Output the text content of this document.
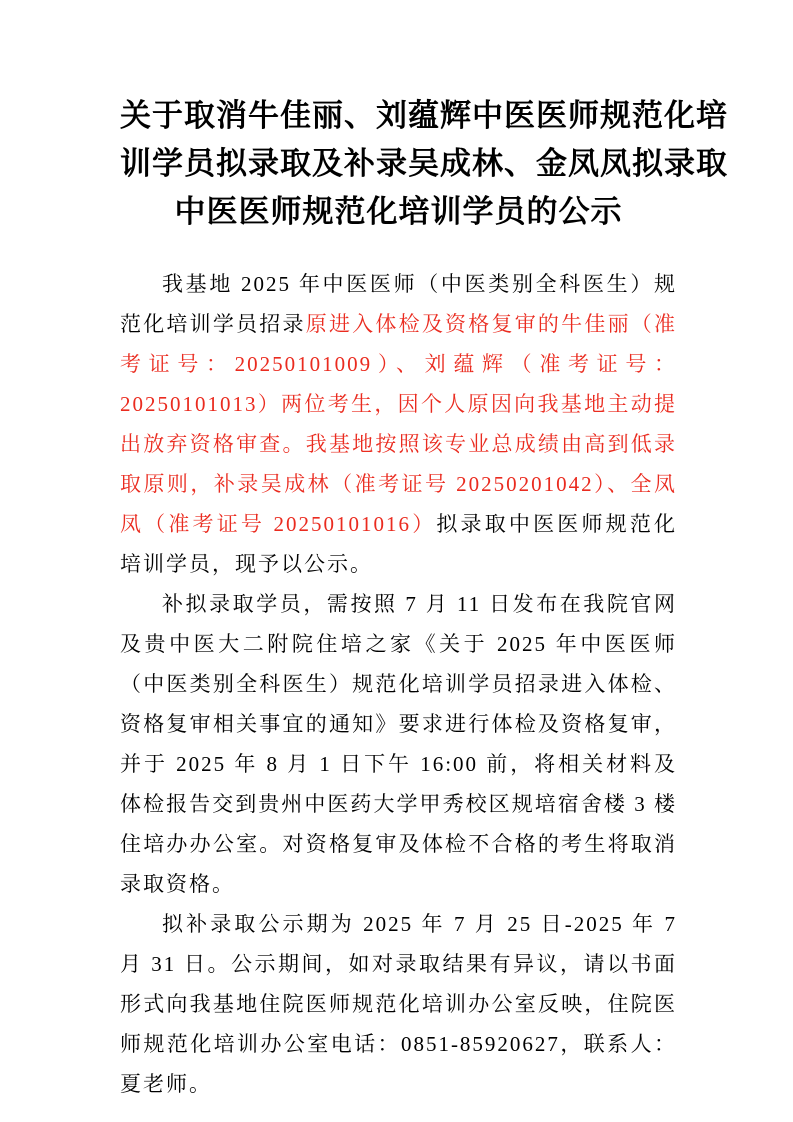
关于取消牛佳丽、刘蕴辉中医医师规范化培
训学员拟录取及补录吴成林、金凤凤拟录取
中医医师规范化培训学员的公示

我基地 2025 年中医医师（中医类别全科医生）规范化培训学员招录原进入体检及资格复审的牛佳丽（准考证号：20250101009）、刘蕴辉（准考证号：20250101013）两位考生，因个人原因向我基地主动提出放弃资格审查。我基地按照该专业总成绩由高到低录取原则，补录吴成林（准考证号 20250201042）、全凤凤（准考证号 20250101016）拟录取中医医师规范化培训学员，现予以公示。

补拟录取学员，需按照 7 月 11 日发布在我院官网及贵中医大二附院住培之家《关于 2025 年中医医师（中医类别全科医生）规范化培训学员招录进入体检、资格复审相关事宜的通知》要求进行体检及资格复审，并于 2025 年 8 月 1 日下午 16:00 前，将相关材料及体检报告交到贵州中医药大学甲秀校区规培宿舍楼 3 楼住培办办公室。对资格复审及体检不合格的考生将取消录取资格。

拟补录取公示期为 2025 年 7 月 25 日-2025 年 7 月 31 日。公示期间，如对录取结果有异议，请以书面形式向我基地住院医师规范化培训办公室反映，住院医师规范化培训办公室电话：0851-85920627，联系人：夏老师。
